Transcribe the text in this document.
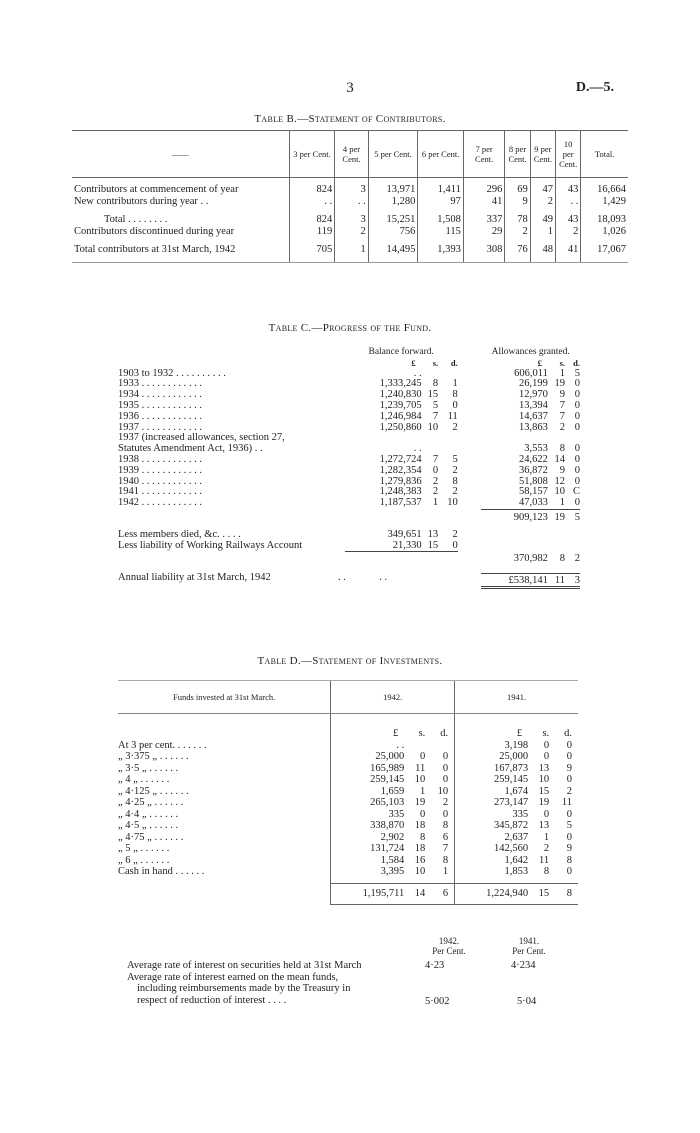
3	D.—5.
Table B.—Statement of Contributors.
——	3 per Cent.	4 per Cent.	5 per Cent.	6 per Cent.	7 per Cent.	8 per Cent.	9 per Cent.	10 per Cent.	Total.

Contributors at commencement of year	824	3	13,971	1,411	296	69	47	43	16,664
New contributors during year . .	. .	. .	1,280	97	41	9	2	. .	1,429

Total . . . . . . . .	824	3	15,251	1,508	337	78	49	43	18,093
Contributors discontinued during year	119	2	756	115	29	2	1	2	1,026

Total contributors at 31st March, 1942	705	1	14,495	1,393	308	76	48	41	17,067
Table C.—Progress of the Fund.
	Balance forward.				Allowances granted.		
	£	s.	d.		£	s.	d.
1903 to 1932 . . . . . . . . . .	. .				606,011	1	5
1933 . . . . . . . . . . . .	1,333,245	8	1		26,199	19	0
1934 . . . . . . . . . . . .	1,240,830	15	8		12,970	9	0
1935 . . . . . . . . . . . .	1,239,705	5	0		13,394	7	0
1936 . . . . . . . . . . . .	1,246,984	7	11		14,637	7	0
1937 . . . . . . . . . . . .	1,250,860	10	2		13,863	2	0
1937 (increased allowances, section 27,							
Statutes Amendment Act, 1936) . .	. .				3,553	8	0
1938 . . . . . . . . . . . .	1,272,724	7	5		24,622	14	0
1939 . . . . . . . . . . . .	1,282,354	0	2		36,872	9	0
1940 . . . . . . . . . . . .	1,279,836	2	8		51,808	12	0
1941 . . . . . . . . . . . .	1,248,383	2	2		58,157	10	C
1942 . . . . . . . . . . . .	1,187,537	1	10		47,033	1	0
					909,123	19	5

Less members died, &c. . . . .	349,651	13	2				
Less liability of Working Railways Account	21,330	15	0				
					370,982	8	2

Annual liability at 31st March, 1942 . .	. .				£538,141	11	3
Table D.—Statement of Investments.
Funds invested at 31st March.	1942.			1941.		

	£	s.	d.	£	s.	d.
At 3 per cent. . . . . . .	. .			3,198	0	0
„ 3·375 „ . . . . . .	25,000	0	0	25,000	0	0
„ 3·5 „ . . . . . .	165,989	11	0	167,873	13	9
„ 4 „ . . . . . .	259,145	10	0	259,145	10	0
„ 4·125 „ . . . . . .	1,659	1	10	1,674	15	2
„ 4·25 „ . . . . . .	265,103	19	2	273,147	19	11
„ 4·4 „ . . . . . .	335	0	0	335	0	0
„ 4·5 „ . . . . . .	338,870	18	8	345,872	13	5
„ 4·75 „ . . . . . .	2,902	8	6	2,637	1	0
„ 5 „ . . . . . .	131,724	18	7	142,560	2	9
„ 6 „ . . . . . .	1,584	16	8	1,642	11	8
Cash in hand . . . . . .	3,395	10	1	1,853	8	0

	1,195,711	14	6	1,224,940	15	8
1942.
Per Cent.
1941.
Per Cent.
Average rate of interest on securities held at 31st March	4·23	4·234
Average rate of interest earned on the mean funds,
including reimbursements made by the Treasury in
respect of reduction of interest . . . .	5·002	5·04
